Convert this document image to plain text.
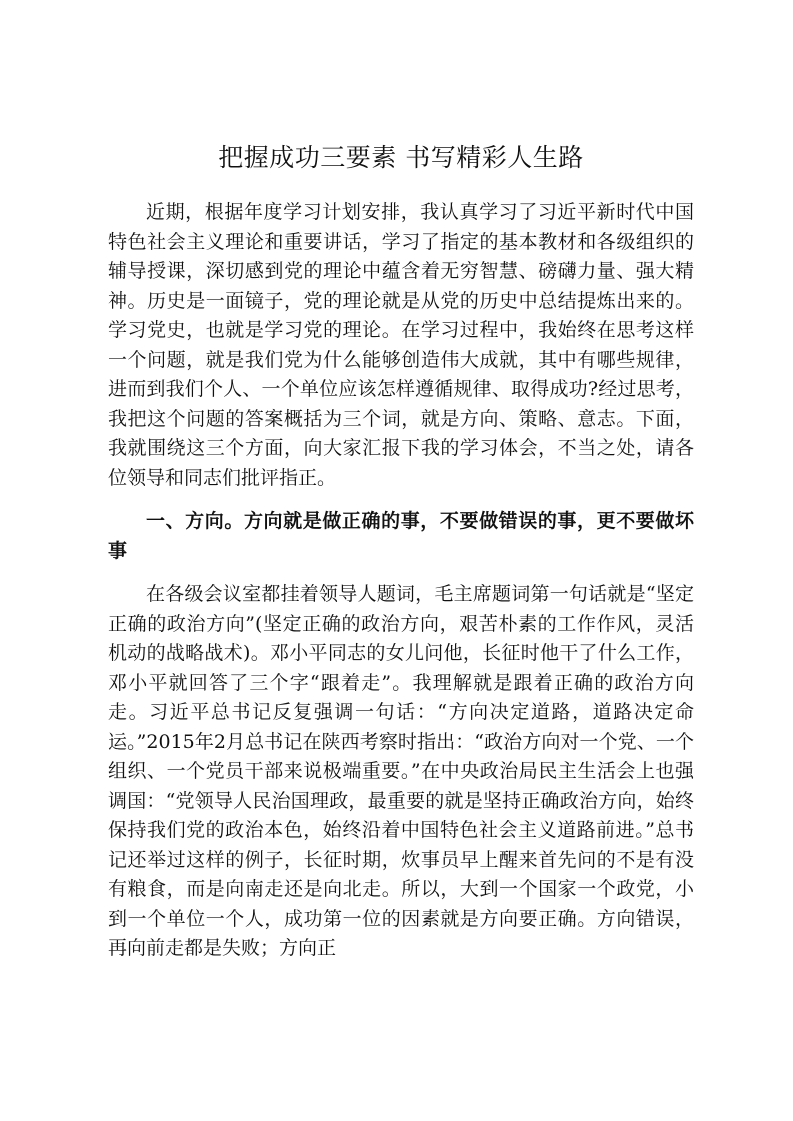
把握成功三要素 书写精彩人生路

近期，根据年度学习计划安排，我认真学习了习近平新时代中国特色社会主义理论和重要讲话，学习了指定的基本教材和各级组织的辅导授课，深切感到党的理论中蕴含着无穷智慧、磅礴力量、强大精神。历史是一面镜子，党的理论就是从党的历史中总结提炼出来的。学习党史，也就是学习党的理论。在学习过程中，我始终在思考这样一个问题，就是我们党为什么能够创造伟大成就，其中有哪些规律，进而到我们个人、一个单位应该怎样遵循规律、取得成功?经过思考，我把这个问题的答案概括为三个词，就是方向、策略、意志。下面，我就围绕这三个方面，向大家汇报下我的学习体会，不当之处，请各位领导和同志们批评指正。

一、方向。方向就是做正确的事，不要做错误的事，更不要做坏事

在各级会议室都挂着领导人题词，毛主席题词第一句话就是“坚定正确的政治方向”(坚定正确的政治方向，艰苦朴素的工作作风，灵活机动的战略战术)。邓小平同志的女儿问他，长征时他干了什么工作，邓小平就回答了三个字“跟着走”。我理解就是跟着正确的政治方向走。习近平总书记反复强调一句话：“方向决定道路，道路决定命运。”2015年2月总书记在陕西考察时指出：“政治方向对一个党、一个组织、一个党员干部来说极端重要。”在中央政治局民主生活会上也强调国：“党领导人民治国理政，最重要的就是坚持正确政治方向，始终保持我们党的政治本色，始终沿着中国特色社会主义道路前进。”总书记还举过这样的例子，长征时期，炊事员早上醒来首先问的不是有没有粮食，而是向南走还是向北走。所以，大到一个国家一个政党，小到一个单位一个人，成功第一位的因素就是方向要正确。方向错误，再向前走都是失败；方向正
